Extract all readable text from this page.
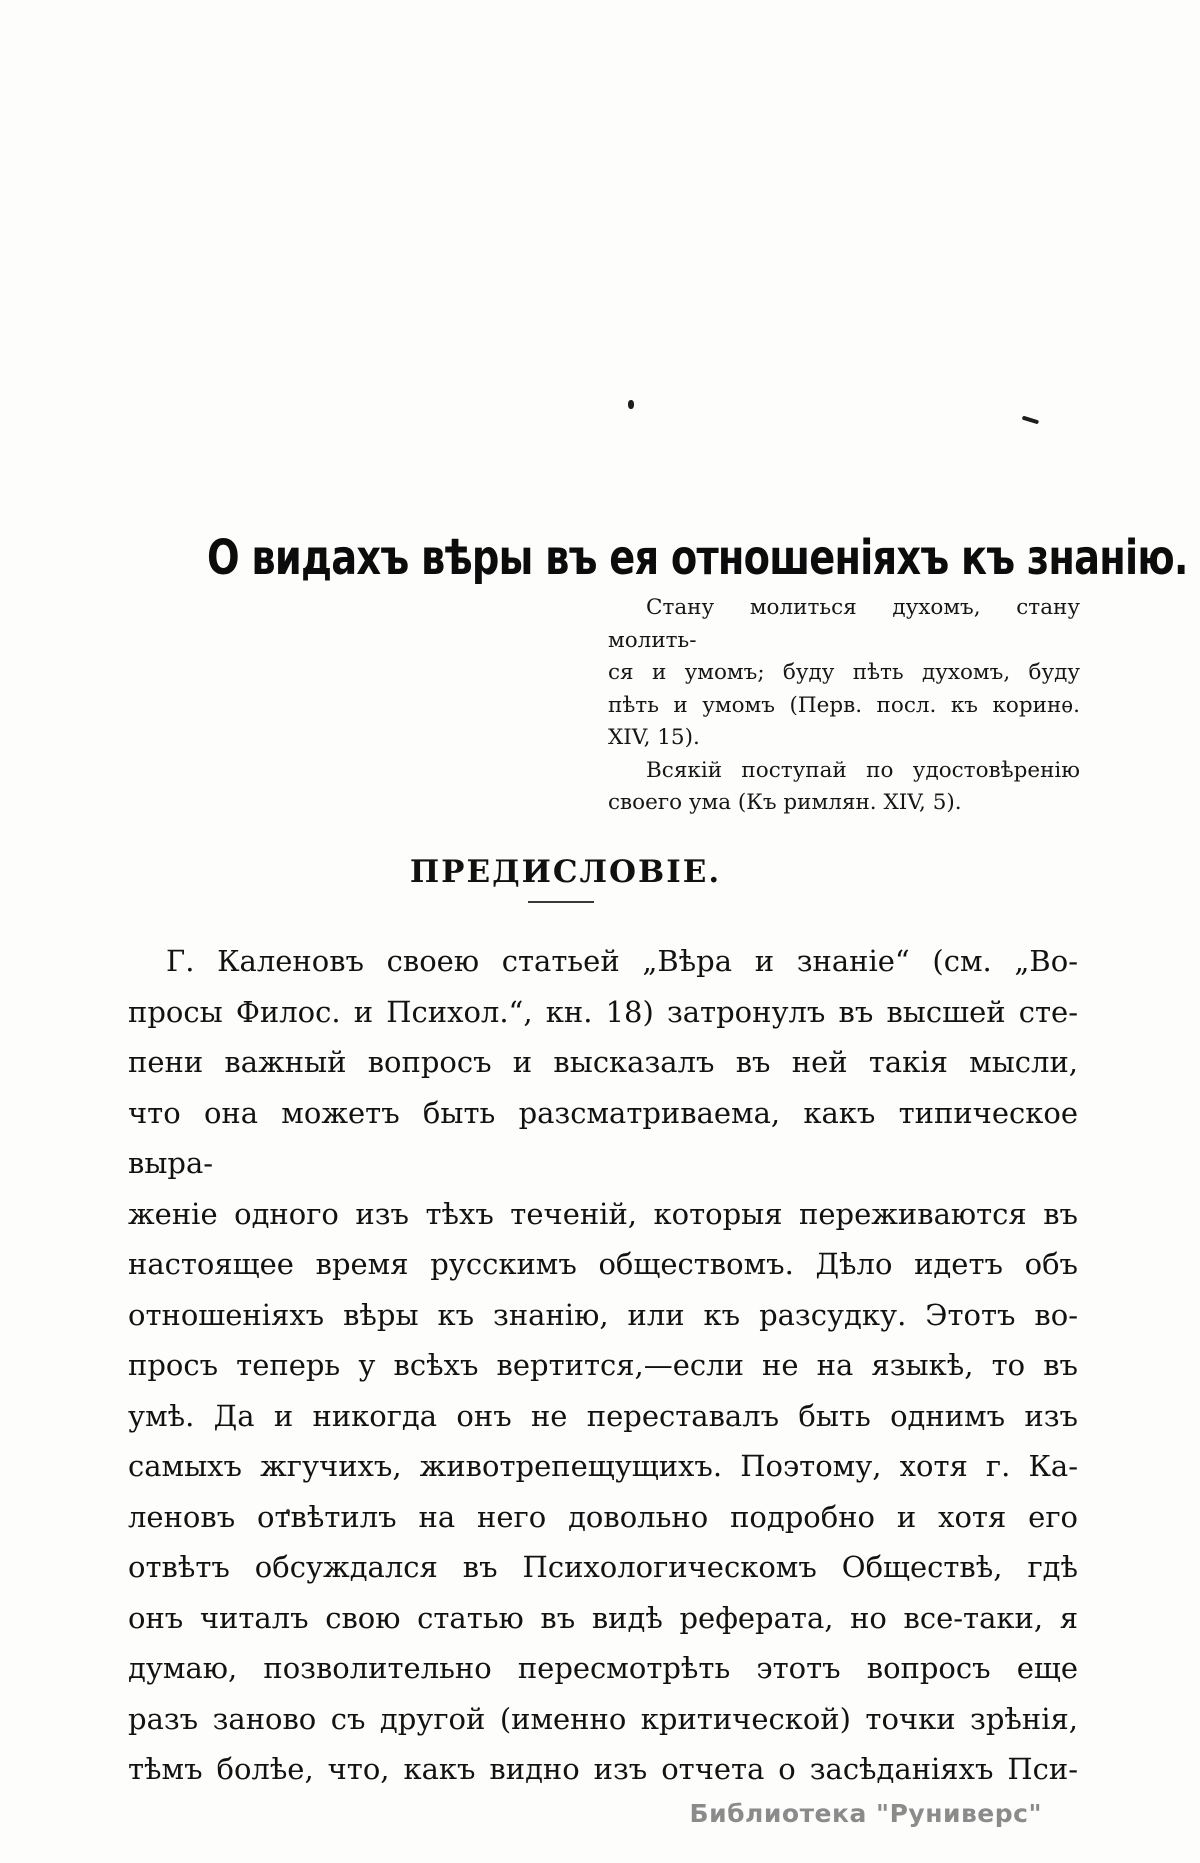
О видахъ вѣры въ ея отношеніяхъ къ знанію.
Стану молиться духомъ, стану молить-
ся и умомъ; буду пѣть духомъ, буду
пѣть и умомъ (Перв. посл. къ коринѳ.
XIV, 15).
Всякій поступай по удостовѣренію
своего ума (Къ римлян. XIV, 5).
ПРЕДИСЛОВІЕ.
Г. Каленовъ своею статьей „Вѣра и знаніе“ (см. „Во-
просы Филос. и Психол.“, кн. 18) затронулъ въ высшей сте-
пени важный вопросъ и высказалъ въ ней такія мысли,
что она можетъ быть разсматриваема, какъ типическое выра-
женіе одного изъ тѣхъ теченій, которыя переживаются въ
настоящее время русскимъ обществомъ. Дѣло идетъ объ
отношеніяхъ вѣры къ знанію, или къ разсудку. Этотъ во-
просъ теперь у всѣхъ вертится,—если не на языкѣ, то въ
умѣ. Да и никогда онъ не переставалъ быть однимъ изъ
самыхъ жгучихъ, животрепещущихъ. Поэтому, хотя г. Ка-
леновъ отвѣтилъ на него довольно подробно и хотя его
отвѣтъ обсуждался въ Психологическомъ Обществѣ, гдѣ
онъ читалъ свою статью въ видѣ реферата, но все-таки, я
думаю, позволительно пересмотрѣть этотъ вопросъ еще
разъ заново съ другой (именно критической) точки зрѣнія,
тѣмъ болѣе, что, какъ видно изъ отчета о засѣданіяхъ Пси-
Библиотека "Руниверс"
